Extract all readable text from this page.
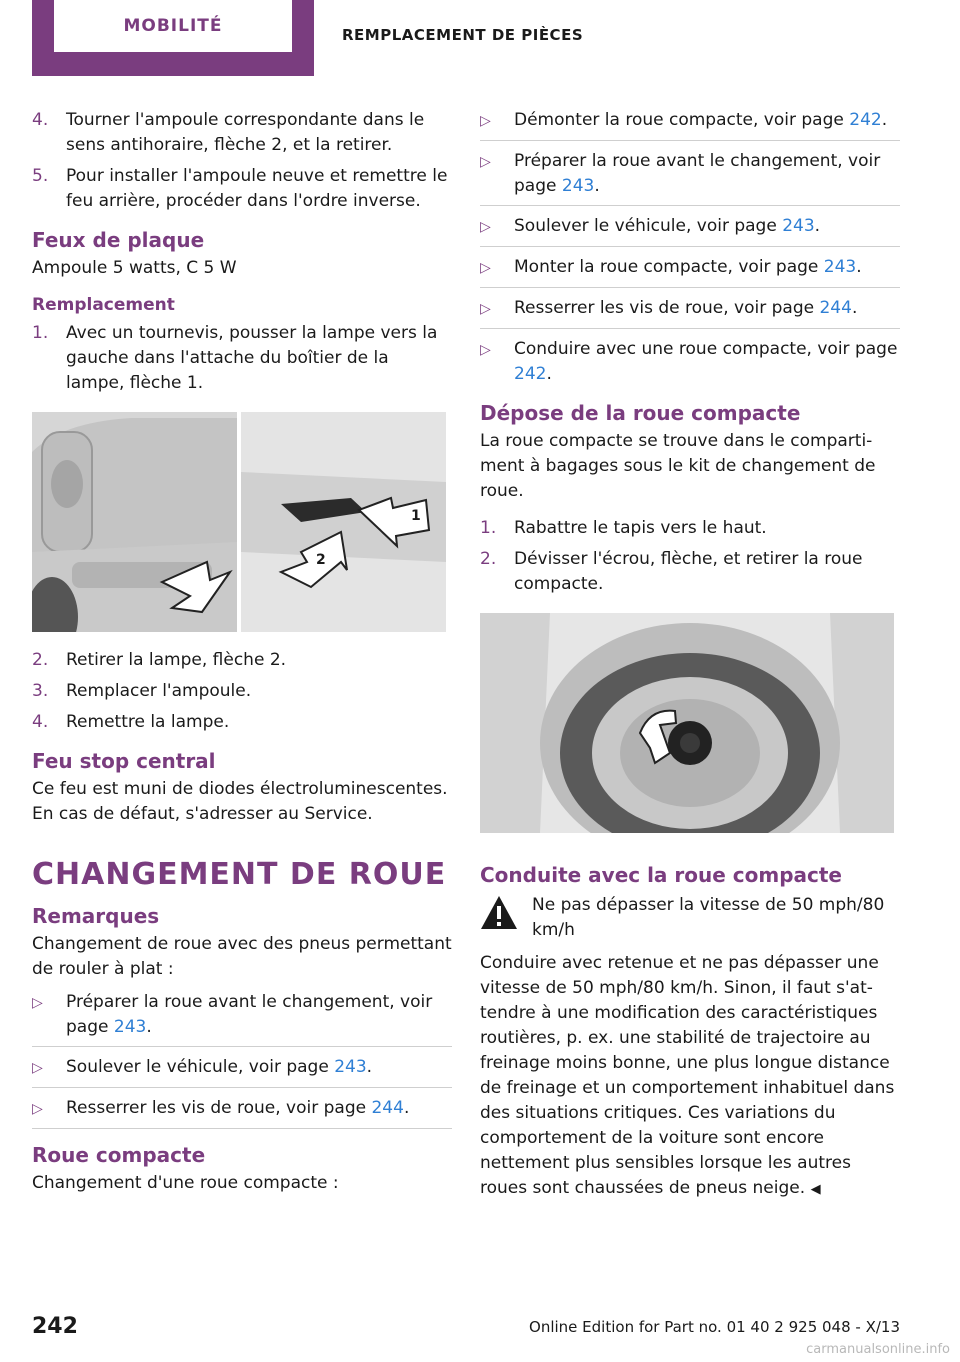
MOBILITÉ	REMPLACEMENT DE PIÈCES
4.	Tourner l'ampoule correspondante dans le sens antihoraire, flèche 2, et la retirer.
5.	Pour installer l'ampoule neuve et remettre le feu arrière, procéder dans l'ordre inverse.
Feux de plaque

Ampoule 5 watts, C 5 W

Remplacement
1.	Avec un tournevis, pousser la lampe vers la gauche dans l'attache du boîtier de la lampe, flèche 1.
1
2
2.	Retirer la lampe, flèche 2.
3.	Remplacer l'ampoule.
4.	Remettre la lampe.
Feu stop central

Ce feu est muni de diodes électroluminescentes. En cas de défaut, s'adresser au Service.

CHANGEMENT DE ROUE
Remarques

Changement de roue avec des pneus permettant de rouler à plat :

▷	Préparer la roue avant le changement, voir page 243.
▷	Soulever le véhicule, voir page 243.
▷	Resserrer les vis de roue, voir page 244.
Roue compacte

Changement d'une roue compacte :

▷	Démonter la roue compacte, voir page 242.
▷	Préparer la roue avant le changement, voir page 243.
▷	Soulever le véhicule, voir page 243.
▷	Monter la roue compacte, voir page 243.
▷	Resserrer les vis de roue, voir page 244.
▷	Conduire avec une roue compacte, voir page 242.
Dépose de la roue compacte

La roue compacte se trouve dans le compartiment à bagages sous le kit de changement de roue.

1.	Rabattre le tapis vers le haut.
2.	Dévisser l'écrou, flèche, et retirer la roue compacte.
Conduite avec la roue compacte

Ne pas dépasser la vitesse de 50 mph/80 km/h

Conduire avec retenue et ne pas dépasser une vitesse de 50 mph/80 km/h. Sinon, il faut s'attendre à une modification des caractéristiques routières, p. ex. une stabilité de trajectoire au freinage moins bonne, une plus longue distance de freinage et un comportement inhabituel dans des situations critiques. Ces variations du comportement de la voiture sont encore nettement plus sensibles lorsque les autres roues sont chaussées de pneus neige. ◀

242	Online Edition for Part no. 01 40 2 925 048 - X/13
carmanualsonline.info
